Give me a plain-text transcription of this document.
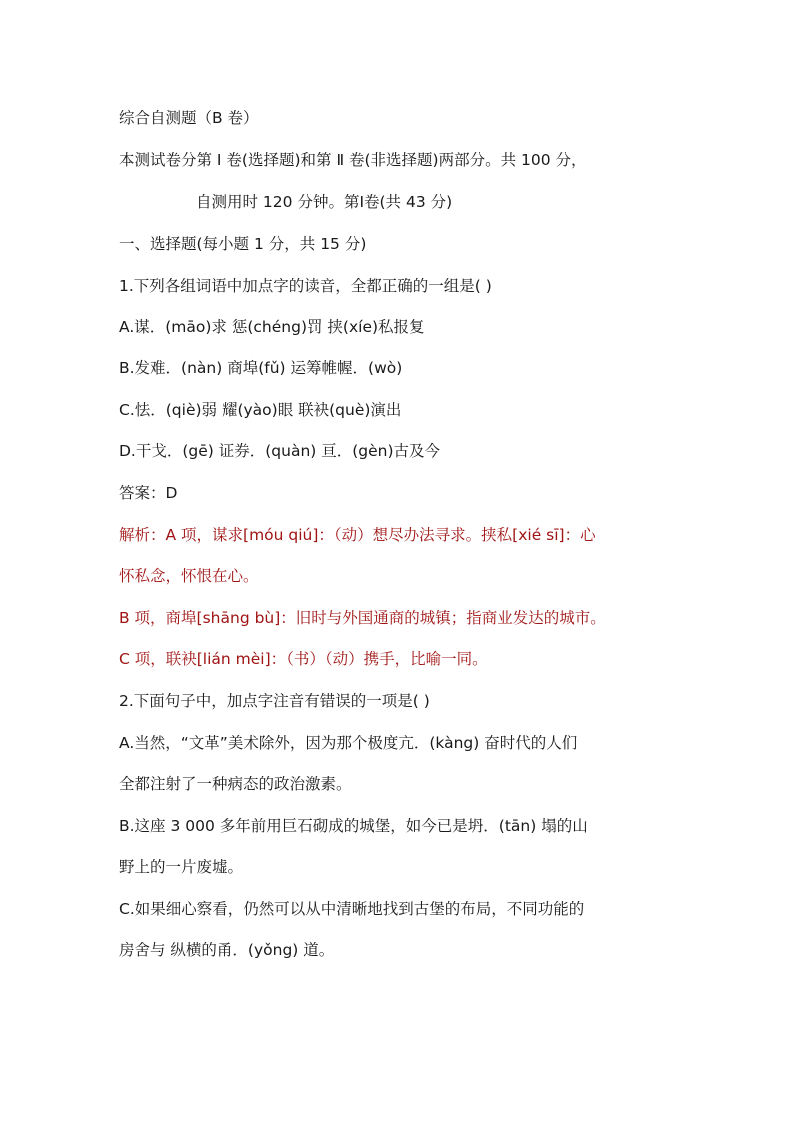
综合自测题（B 卷）
本测试卷分第 Ⅰ 卷(选择题)和第 Ⅱ 卷(非选择题)两部分。共 100 分，
自测用时 120 分钟。第Ⅰ卷(共 43 分)
一、选择题(每小题 1 分，共 15 分)
1.下列各组词语中加点字的读音，全都正确的一组是( )
A.谋．(māo)求 惩(chéng)罚 挟(xíe)私报复
B.发难．(nàn) 商埠(fǔ) 运筹帷幄．(wò)
C.怯．(qiè)弱 耀(yào)眼 联袂(què)演出
D.干戈．(gē) 证券．(quàn) 亘．(gèn)古及今
答案：D
解析：A 项，谋求[móu qiú]：（动）想尽办法寻求。挟私[xié sī]：心
怀私念，怀恨在心。
B 项，商埠[shāng bù]：旧时与外国通商的城镇；指商业发达的城市。
C 项，联袂[lián mèi]：（书）（动）携手，比喻一同。
2.下面句子中，加点字注音有错误的一项是( )
A.当然，“文革”美术除外，因为那个极度亢．(kàng) 奋时代的人们
全都注射了一种病态的政治激素。
B.这座 3 000 多年前用巨石砌成的城堡，如今已是坍．(tān) 塌的山
野上的一片废墟。
C.如果细心察看，仍然可以从中清晰地找到古堡的布局，不同功能的
房舍与 纵横的甬．(yǒng) 道。
